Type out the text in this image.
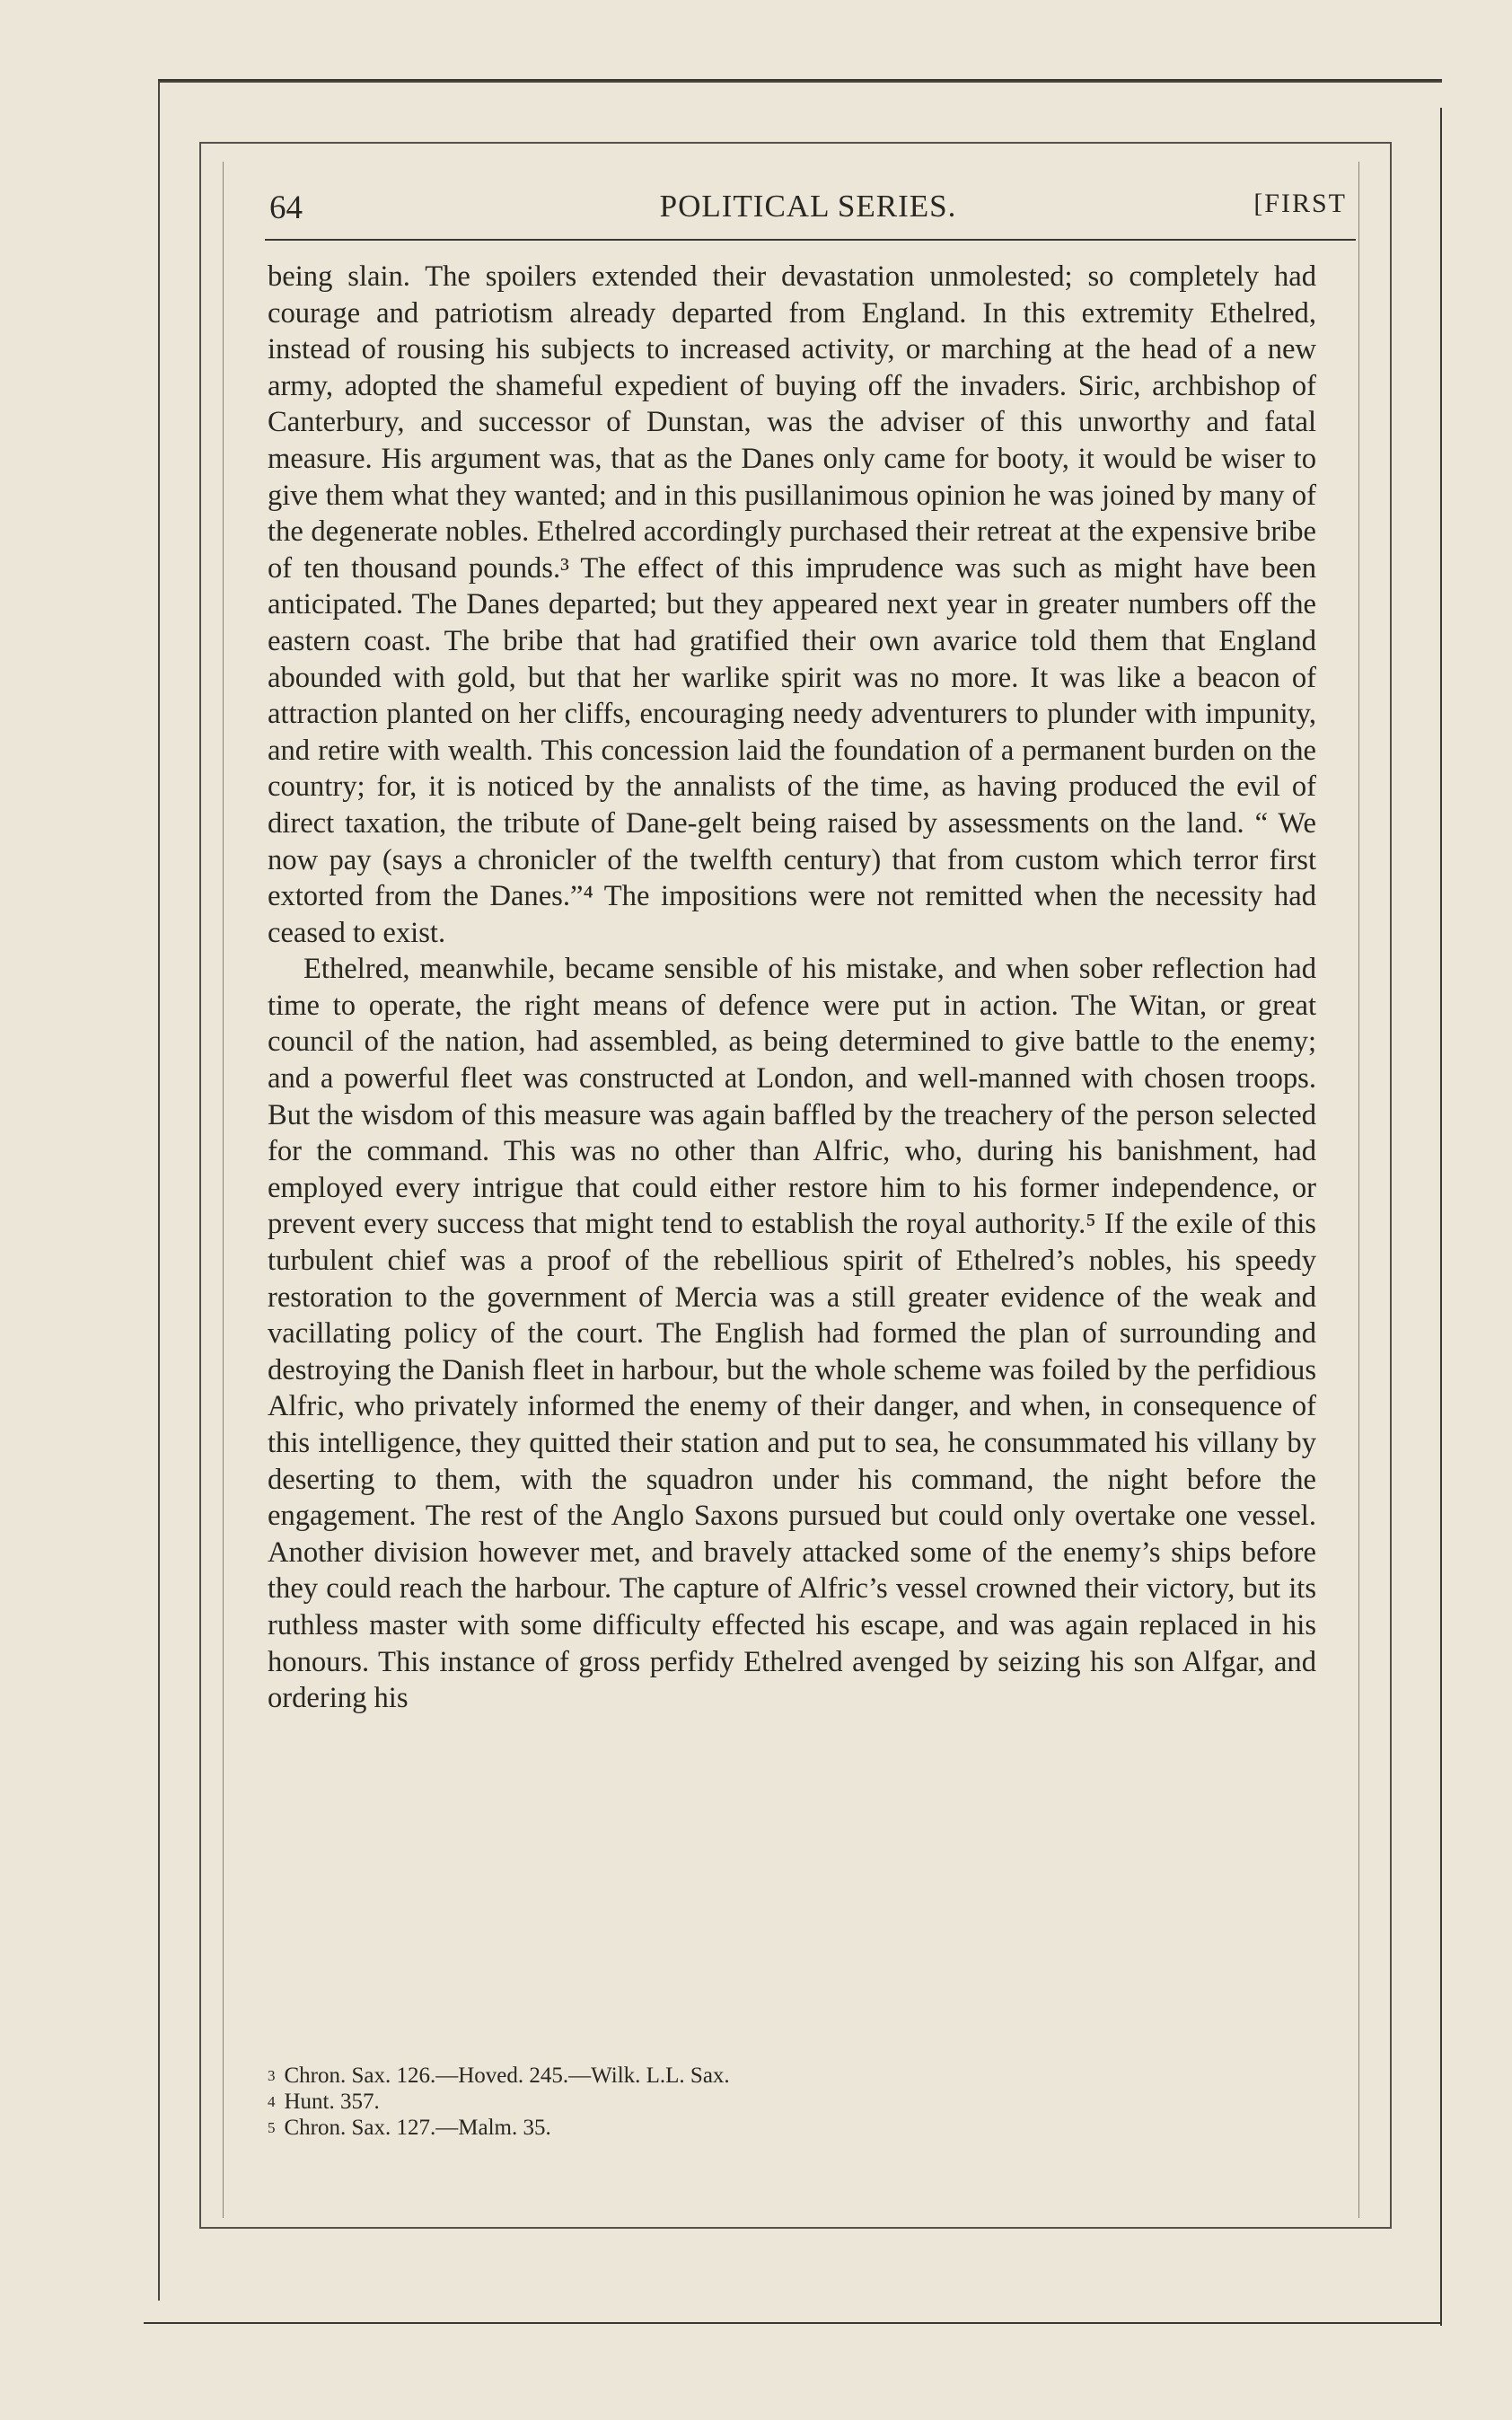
64	POLITICAL SERIES.	[FIRST

being slain. The spoilers extended their devastation unmolested; so completely had courage and patriotism already departed from England. In this extremity Ethelred, instead of rousing his subjects to increased activity, or marching at the head of a new army, adopted the shameful expedient of buying off the invaders. Siric, archbishop of Canterbury, and successor of Dunstan, was the adviser of this unworthy and fatal measure. His argument was, that as the Danes only came for booty, it would be wiser to give them what they wanted; and in this pusillanimous opinion he was joined by many of the degenerate nobles. Ethelred accordingly purchased their retreat at the expensive bribe of ten thousand pounds.³ The effect of this imprudence was such as might have been anticipated. The Danes departed; but they appeared next year in greater numbers off the eastern coast. The bribe that had gratified their own avarice told them that England abounded with gold, but that her warlike spirit was no more. It was like a beacon of attraction planted on her cliffs, encouraging needy adventurers to plunder with impunity, and retire with wealth. This concession laid the foundation of a permanent burden on the country; for, it is noticed by the annalists of the time, as having produced the evil of direct taxation, the tribute of Dane-gelt being raised by assessments on the land. “ We now pay (says a chronicler of the twelfth century) that from custom which terror first extorted from the Danes.”⁴ The impositions were not remitted when the necessity had ceased to exist.

Ethelred, meanwhile, became sensible of his mistake, and when sober reflection had time to operate, the right means of defence were put in action. The Witan, or great council of the nation, had assembled, as being determined to give battle to the enemy; and a powerful fleet was constructed at London, and well-manned with chosen troops. But the wisdom of this measure was again baffled by the treachery of the person selected for the command. This was no other than Alfric, who, during his banishment, had employed every intrigue that could either restore him to his former independence, or prevent every success that might tend to establish the royal authority.⁵ If the exile of this turbulent chief was a proof of the rebellious spirit of Ethelred’s nobles, his speedy restoration to the government of Mercia was a still greater evidence of the weak and vacillating policy of the court. The English had formed the plan of surrounding and destroying the Danish fleet in harbour, but the whole scheme was foiled by the perfidious Alfric, who privately informed the enemy of their danger, and when, in consequence of this intelligence, they quitted their station and put to sea, he consummated his villany by deserting to them, with the squadron under his command, the night before the engagement. The rest of the Anglo Saxons pursued but could only overtake one vessel. Another division however met, and bravely attacked some of the enemy’s ships before they could reach the harbour. The capture of Alfric’s vessel crowned their victory, but its ruthless master with some difficulty effected his escape, and was again replaced in his honours. This instance of gross perfidy Ethelred avenged by seizing his son Alfgar, and ordering his

$^3$ Chron. Sax. 126.—Hoved. 245.—Wilk. L.L. Sax.
$^4$ Hunt. 357.
$^5$ Chron. Sax. 127.—Malm. 35.
